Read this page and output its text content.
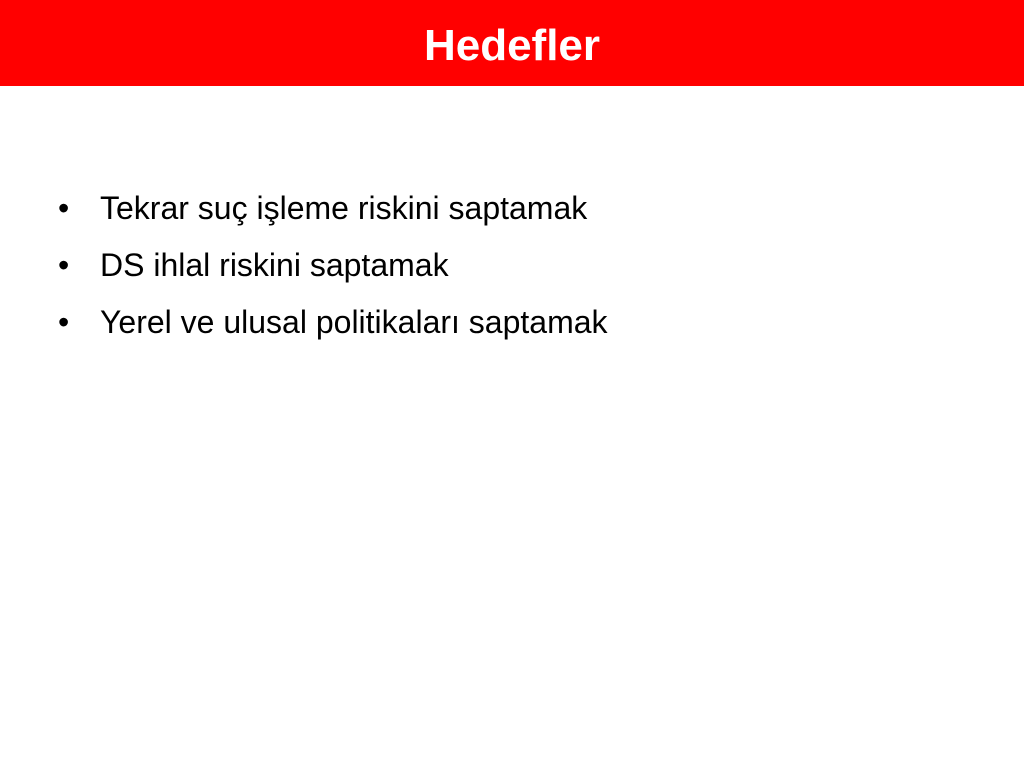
Hedefler
• Tekrar suç işleme riskini saptamak
• DS ihlal riskini saptamak
• Yerel ve ulusal politikaları saptamak
